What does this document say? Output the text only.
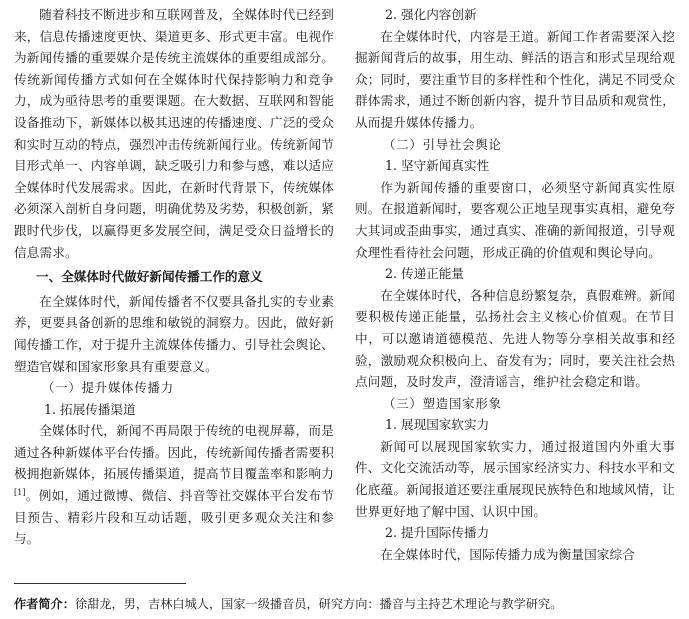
随着科技不断进步和互联网普及，全媒体时代已经到来，信息传播速度更快、渠道更多、形式更丰富。电视作为新闻传播的重要媒介是传统主流媒体的重要组成部分。传统新闻传播方式如何在全媒体时代保持影响力和竞争力，成为亟待思考的重要课题。在大数据、互联网和智能设备推动下，新媒体以极其迅速的传播速度、广泛的受众和实时互动的特点，强烈冲击传统新闻行业。传统新闻节目形式单一、内容单调，缺乏吸引力和参与感，难以适应全媒体时代发展需求。因此，在新时代背景下，传统媒体必须深入剖析自身问题，明确优势及劣势，积极创新，紧跟时代步伐，以赢得更多发展空间，满足受众日益增长的信息需求。

一、全媒体时代做好新闻传播工作的意义

在全媒体时代，新闻传播者不仅要具备扎实的专业素养，更要具备创新的思维和敏锐的洞察力。因此，做好新闻传播工作，对于提升主流媒体传播力、引导社会舆论、塑造官媒和国家形象具有重要意义。

（一）提升媒体传播力

1. 拓展传播渠道

全媒体时代，新闻不再局限于传统的电视屏幕，而是通过各种新媒体平台传播。因此，传统新闻传播者需要积极拥抱新媒体，拓展传播渠道，提高节目覆盖率和影响力[1]。例如，通过微博、微信、抖音等社交媒体平台发布节目预告、精彩片段和互动话题，吸引更多观众关注和参与。

2. 强化内容创新

在全媒体时代，内容是王道。新闻工作者需要深入挖掘新闻背后的故事，用生动、鲜活的语言和形式呈现给观众；同时，要注重节目的多样性和个性化，满足不同受众群体需求，通过不断创新内容，提升节目品质和观赏性，从而提升媒体传播力。

（二）引导社会舆论

1. 坚守新闻真实性

作为新闻传播的重要窗口，必须坚守新闻真实性原则。在报道新闻时，要客观公正地呈现事实真相，避免夸大其词或歪曲事实，通过真实、准确的新闻报道，引导观众理性看待社会问题，形成正确的价值观和舆论导向。

2. 传递正能量

在全媒体时代，各种信息纷繁复杂，真假难辨。新闻要积极传递正能量，弘扬社会主义核心价值观。在节目中，可以邀请道德模范、先进人物等分享相关故事和经验，激励观众积极向上、奋发有为；同时，要关注社会热点问题，及时发声，澄清谣言，维护社会稳定和谐。

（三）塑造国家形象

1. 展现国家软实力

新闻可以展现国家软实力，通过报道国内外重大事件、文化交流活动等，展示国家经济实力、科技水平和文化底蕴。新闻报道还要注重展现民族特色和地域风情，让世界更好地了解中国、认识中国。

2. 提升国际传播力

在全媒体时代，国际传播力成为衡量国家综合

作者简介：徐甜龙，男，吉林白城人，国家一级播音员，研究方向：播音与主持艺术理论与教学研究。
